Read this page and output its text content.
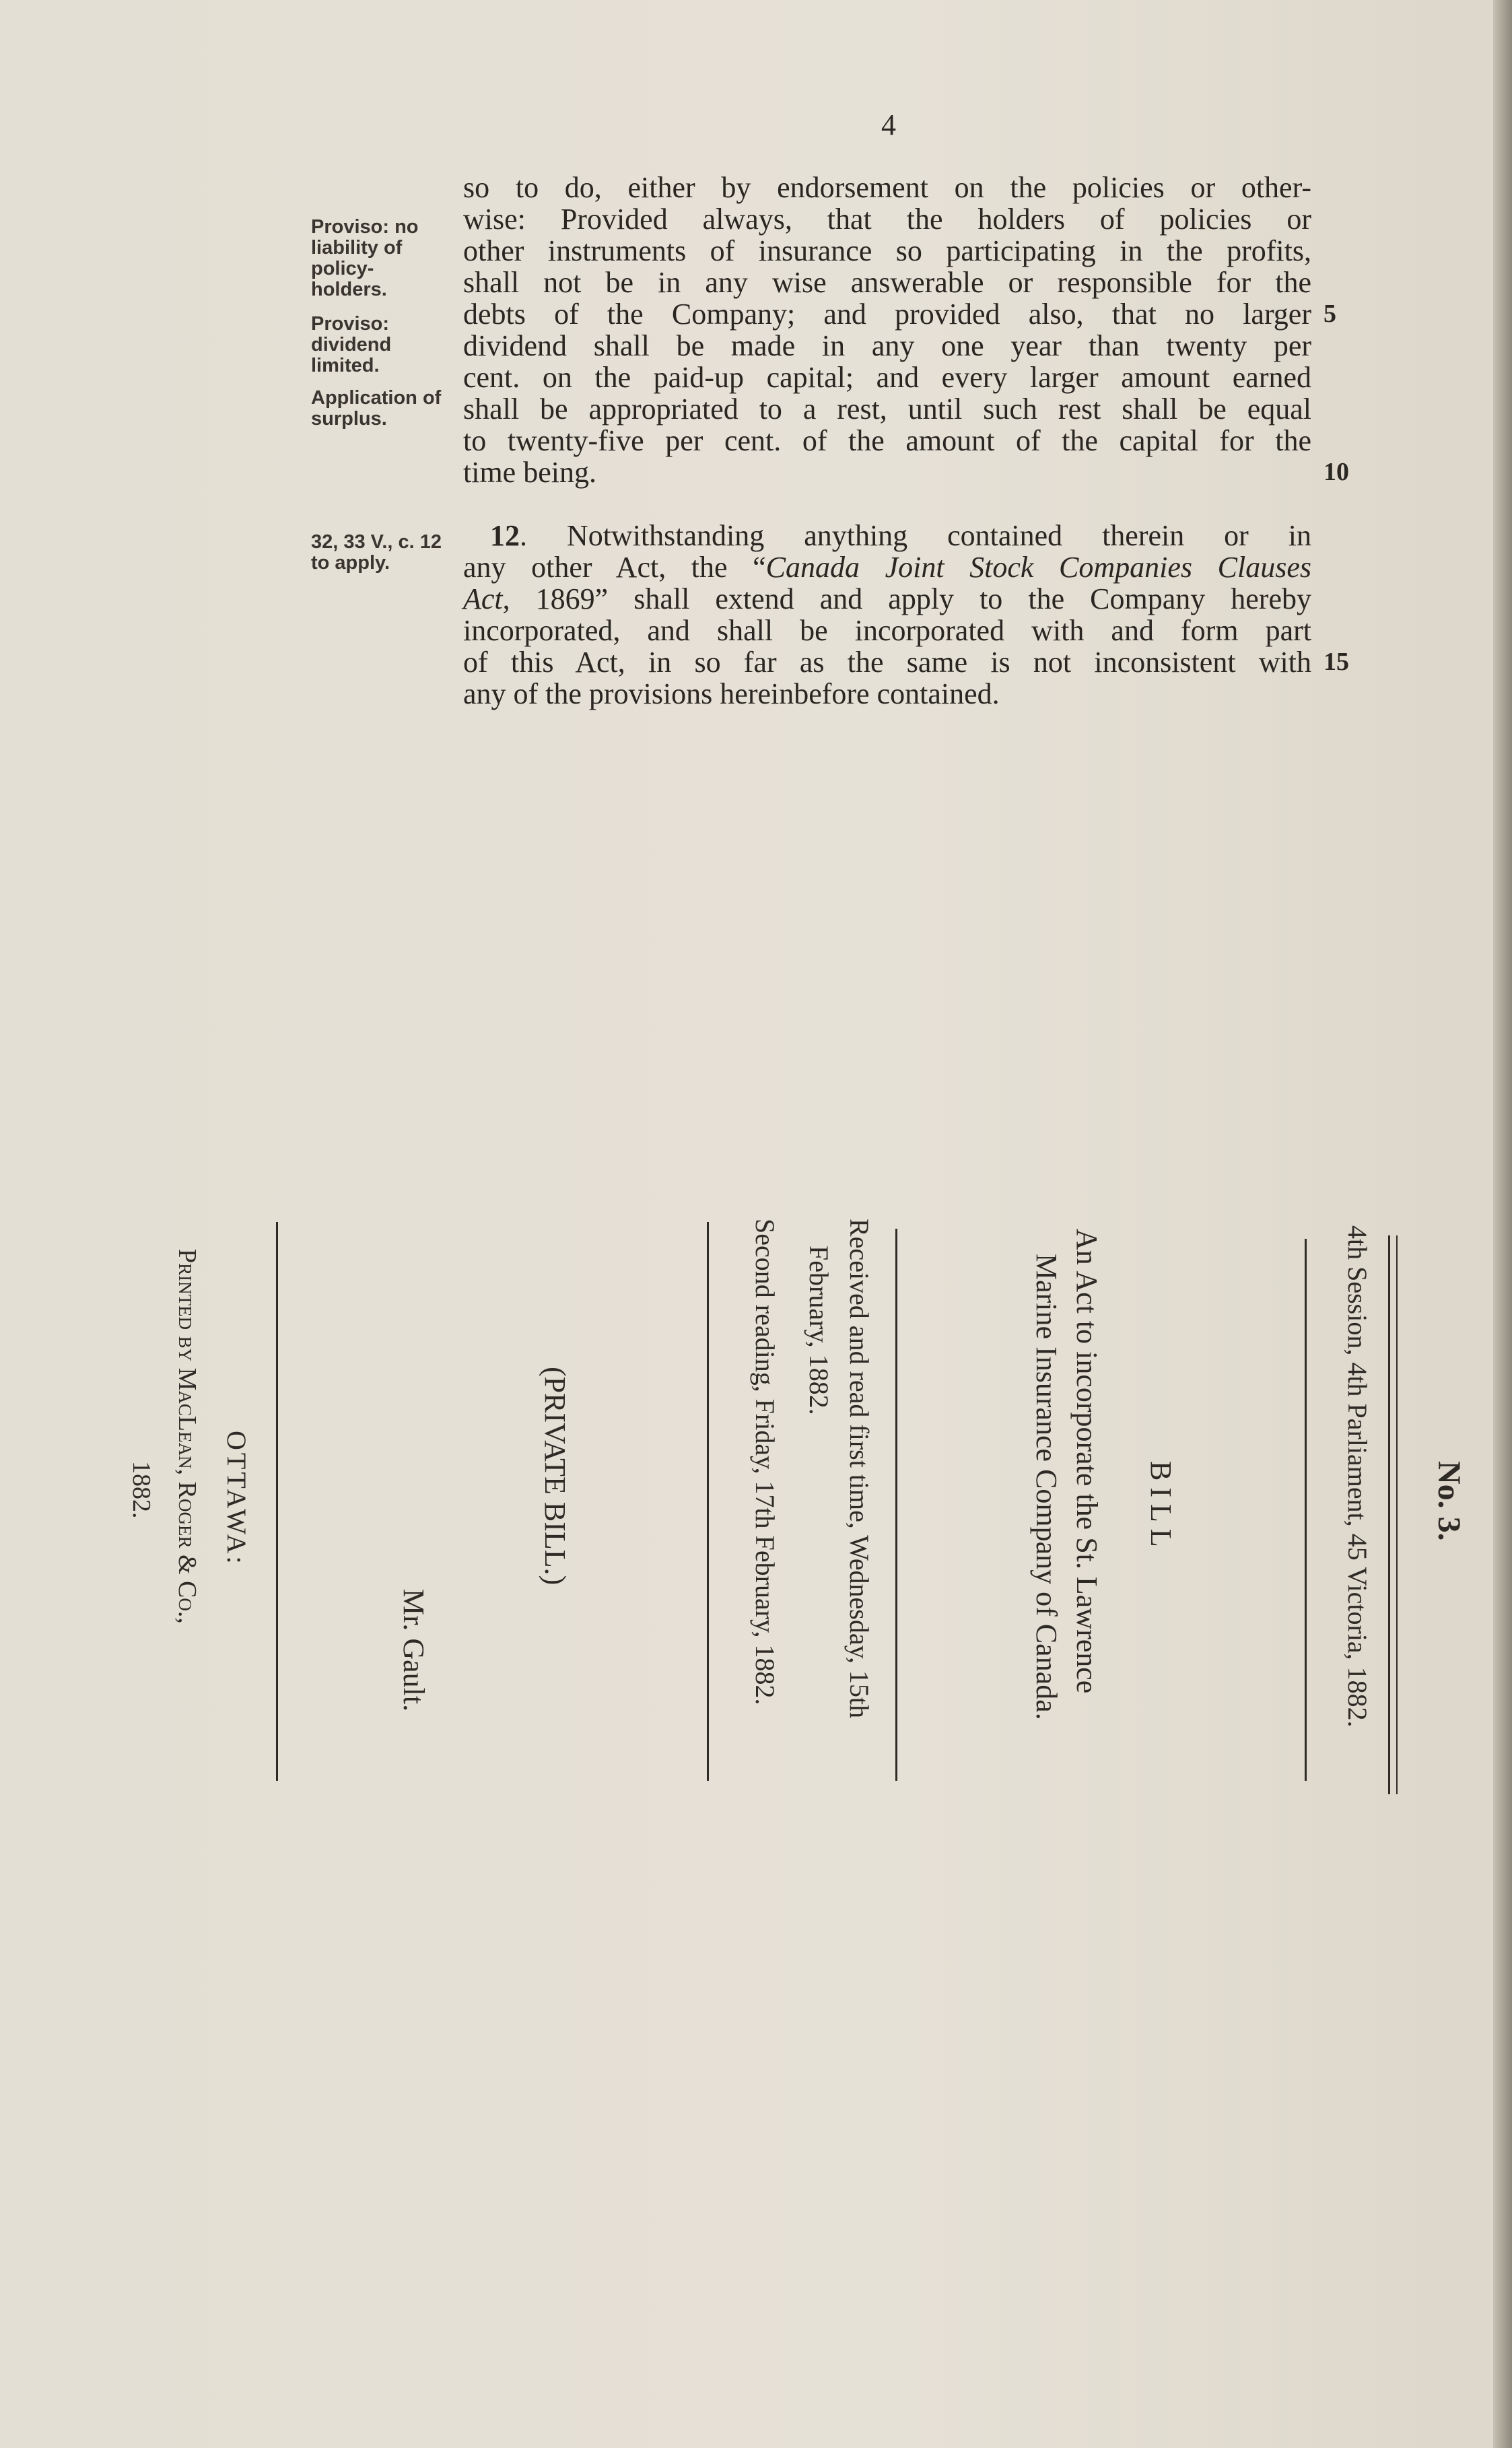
4
Proviso: no liability of policy-holders.
Proviso: dividend limited.
Application of surplus.
32, 33 V., c. 12 to apply.
so to do, either by endorsement on the policies or other-
wise: Provided always, that the holders of policies or
other instruments of insurance so participating in the profits,
shall not be in any wise answerable or responsible for the
debts of the Company; and provided also, that no larger
dividend shall be made in any one year than twenty per
cent. on the paid-up capital; and every larger amount earned
shall be appropriated to a rest, until such rest shall be equal
to twenty-five per cent. of the amount of the capital for the
time being.
12. Notwithstanding anything contained therein or in
any other Act, the “Canada Joint Stock Companies Clauses
Act, 1869” shall extend and apply to the Company hereby
incorporated, and shall be incorporated with and form part
of this Act, in so far as the same is not inconsistent with
any of the provisions hereinbefore contained.
5
10
15
No. 3.
4th Session, 4th Parliament, 45 Victoria, 1882.
BILL
An Act to incorporate the St. Lawrence
Marine Insurance Company of Canada.
Received and read first time, Wednesday, 15th
February, 1882.
Second reading, Friday, 17th February, 1882.
(PRIVATE BILL.)
Mr. Gault.
OTTAWA:
Printed by MacLean, Roger & Co.,
1882.
